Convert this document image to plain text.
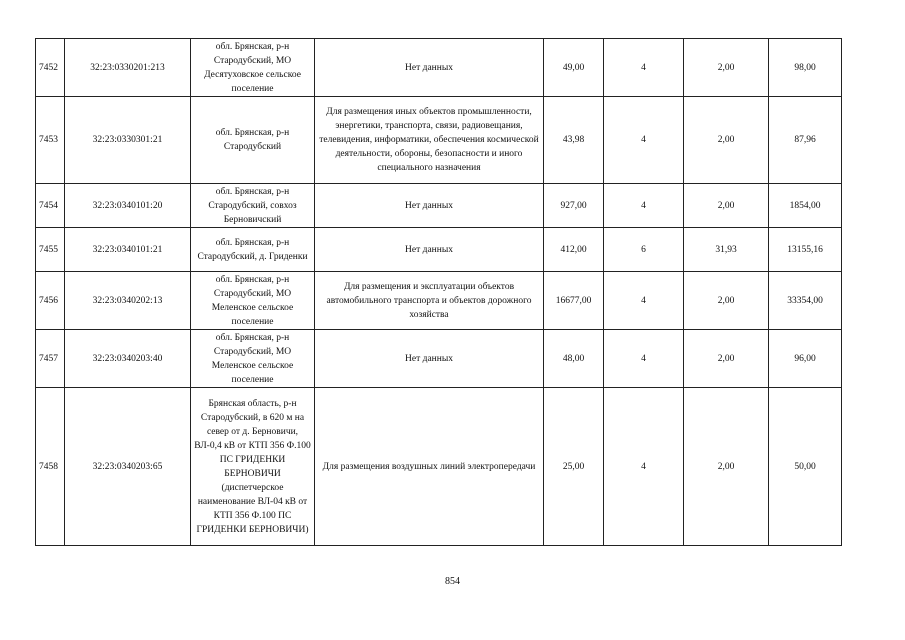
7452	32:23:0330201:213	обл. Брянская, р-н Стародубский, МО Десятуховское сельское поселение	Нет данных	49,00	4	2,00	98,00
7453	32:23:0330301:21	обл. Брянская, р-н Стародубский	Для размещения иных объектов промышленности, энергетики, транспорта, связи, радиовещания, телевидения, информатики, обеспечения космической деятельности, обороны, безопасности и иного специального назначения	43,98	4	2,00	87,96
7454	32:23:0340101:20	обл. Брянская, р-н Стародубский, совхоз Берновичский	Нет данных	927,00	4	2,00	1854,00
7455	32:23:0340101:21	обл. Брянская, р-н Стародубский, д. Гриденки	Нет данных	412,00	6	31,93	13155,16
7456	32:23:0340202:13	обл. Брянская, р-н Стародубский, МО Меленское сельское поселение	Для размещения и эксплуатации объектов автомобильного транспорта и объектов дорожного хозяйства	16677,00	4	2,00	33354,00
7457	32:23:0340203:40	обл. Брянская, р-н Стародубский, МО Меленское сельское поселение	Нет данных	48,00	4	2,00	96,00
7458	32:23:0340203:65	Брянская область, р-н Стародубский, в 620 м на север от д. Берновичи, ВЛ-0,4 кВ от КТП 356 Ф.100 ПС ГРИДЕНКИ БЕРНОВИЧИ (диспетчерское наименование ВЛ-04 кВ от КТП 356 Ф.100 ПС ГРИДЕНКИ БЕРНОВИЧИ)	Для размещения воздушных линий электропередачи	25,00	4	2,00	50,00
854
